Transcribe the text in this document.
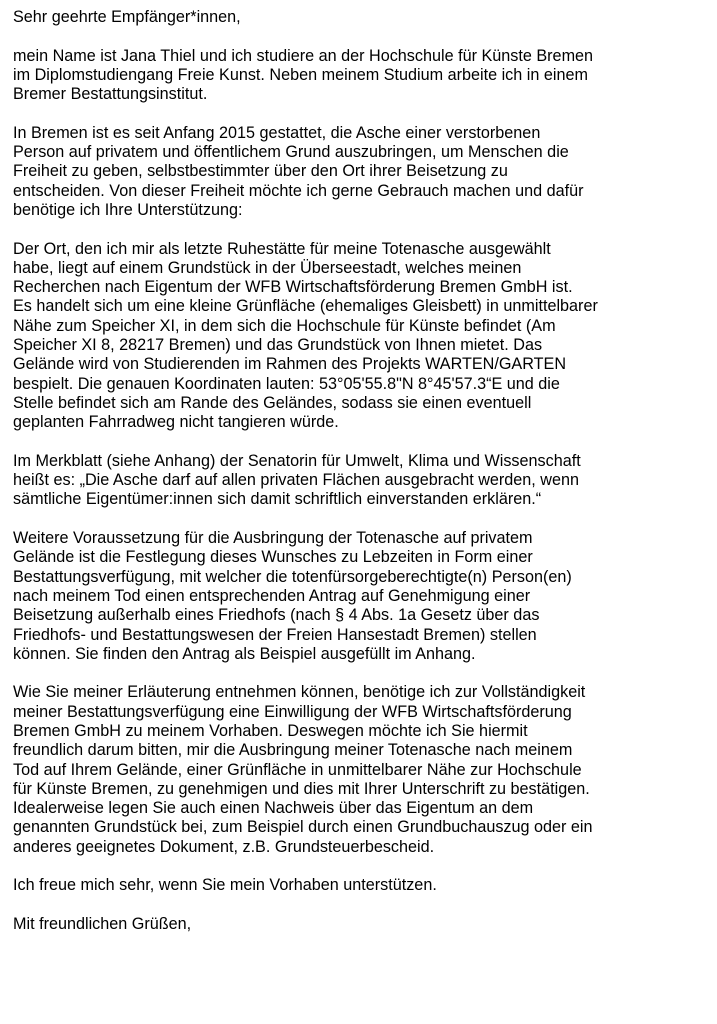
Sehr geehrte Empfänger*innen,

mein Name ist Jana Thiel und ich studiere an der Hochschule für Künste Bremen
im Diplomstudiengang Freie Kunst. Neben meinem Studium arbeite ich in einem
Bremer Bestattungsinstitut.

In Bremen ist es seit Anfang 2015 gestattet, die Asche einer verstorbenen
Person auf privatem und öffentlichem Grund auszubringen, um Menschen die
Freiheit zu geben, selbstbestimmter über den Ort ihrer Beisetzung zu
entscheiden. Von dieser Freiheit möchte ich gerne Gebrauch machen und dafür
benötige ich Ihre Unterstützung:

Der Ort, den ich mir als letzte Ruhestätte für meine Totenasche ausgewählt
habe, liegt auf einem Grundstück in der Überseestadt, welches meinen
Recherchen nach Eigentum der WFB Wirtschaftsförderung Bremen GmbH ist.
Es handelt sich um eine kleine Grünfläche (ehemaliges Gleisbett) in unmittelbarer
Nähe zum Speicher XI, in dem sich die Hochschule für Künste befindet (Am
Speicher XI 8, 28217 Bremen) und das Grundstück von Ihnen mietet. Das
Gelände wird von Studierenden im Rahmen des Projekts WARTEN/GARTEN
bespielt. Die genauen Koordinaten lauten: 53°05'55.8"N 8°45'57.3“E und die
Stelle befindet sich am Rande des Geländes, sodass sie einen eventuell
geplanten Fahrradweg nicht tangieren würde.

Im Merkblatt (siehe Anhang) der Senatorin für Umwelt, Klima und Wissenschaft
heißt es: „Die Asche darf auf allen privaten Flächen ausgebracht werden, wenn
sämtliche Eigentümer:innen sich damit schriftlich einverstanden erklären.“

Weitere Voraussetzung für die Ausbringung der Totenasche auf privatem
Gelände ist die Festlegung dieses Wunsches zu Lebzeiten in Form einer
Bestattungsverfügung, mit welcher die totenfürsorgeberechtigte(n) Person(en)
nach meinem Tod einen entsprechenden Antrag auf Genehmigung einer
Beisetzung außerhalb eines Friedhofs (nach § 4 Abs. 1a Gesetz über das
Friedhofs- und Bestattungswesen der Freien Hansestadt Bremen) stellen
können. Sie finden den Antrag als Beispiel ausgefüllt im Anhang.

Wie Sie meiner Erläuterung entnehmen können, benötige ich zur Vollständigkeit
meiner Bestattungsverfügung eine Einwilligung der WFB Wirtschaftsförderung
Bremen GmbH zu meinem Vorhaben. Deswegen möchte ich Sie hiermit
freundlich darum bitten, mir die Ausbringung meiner Totenasche nach meinem
Tod auf Ihrem Gelände, einer Grünfläche in unmittelbarer Nähe zur Hochschule
für Künste Bremen, zu genehmigen und dies mit Ihrer Unterschrift zu bestätigen.
Idealerweise legen Sie auch einen Nachweis über das Eigentum an dem
genannten Grundstück bei, zum Beispiel durch einen Grundbuchauszug oder ein
anderes geeignetes Dokument, z.B. Grundsteuerbescheid.

Ich freue mich sehr, wenn Sie mein Vorhaben unterstützen.

Mit freundlichen Grüßen,
